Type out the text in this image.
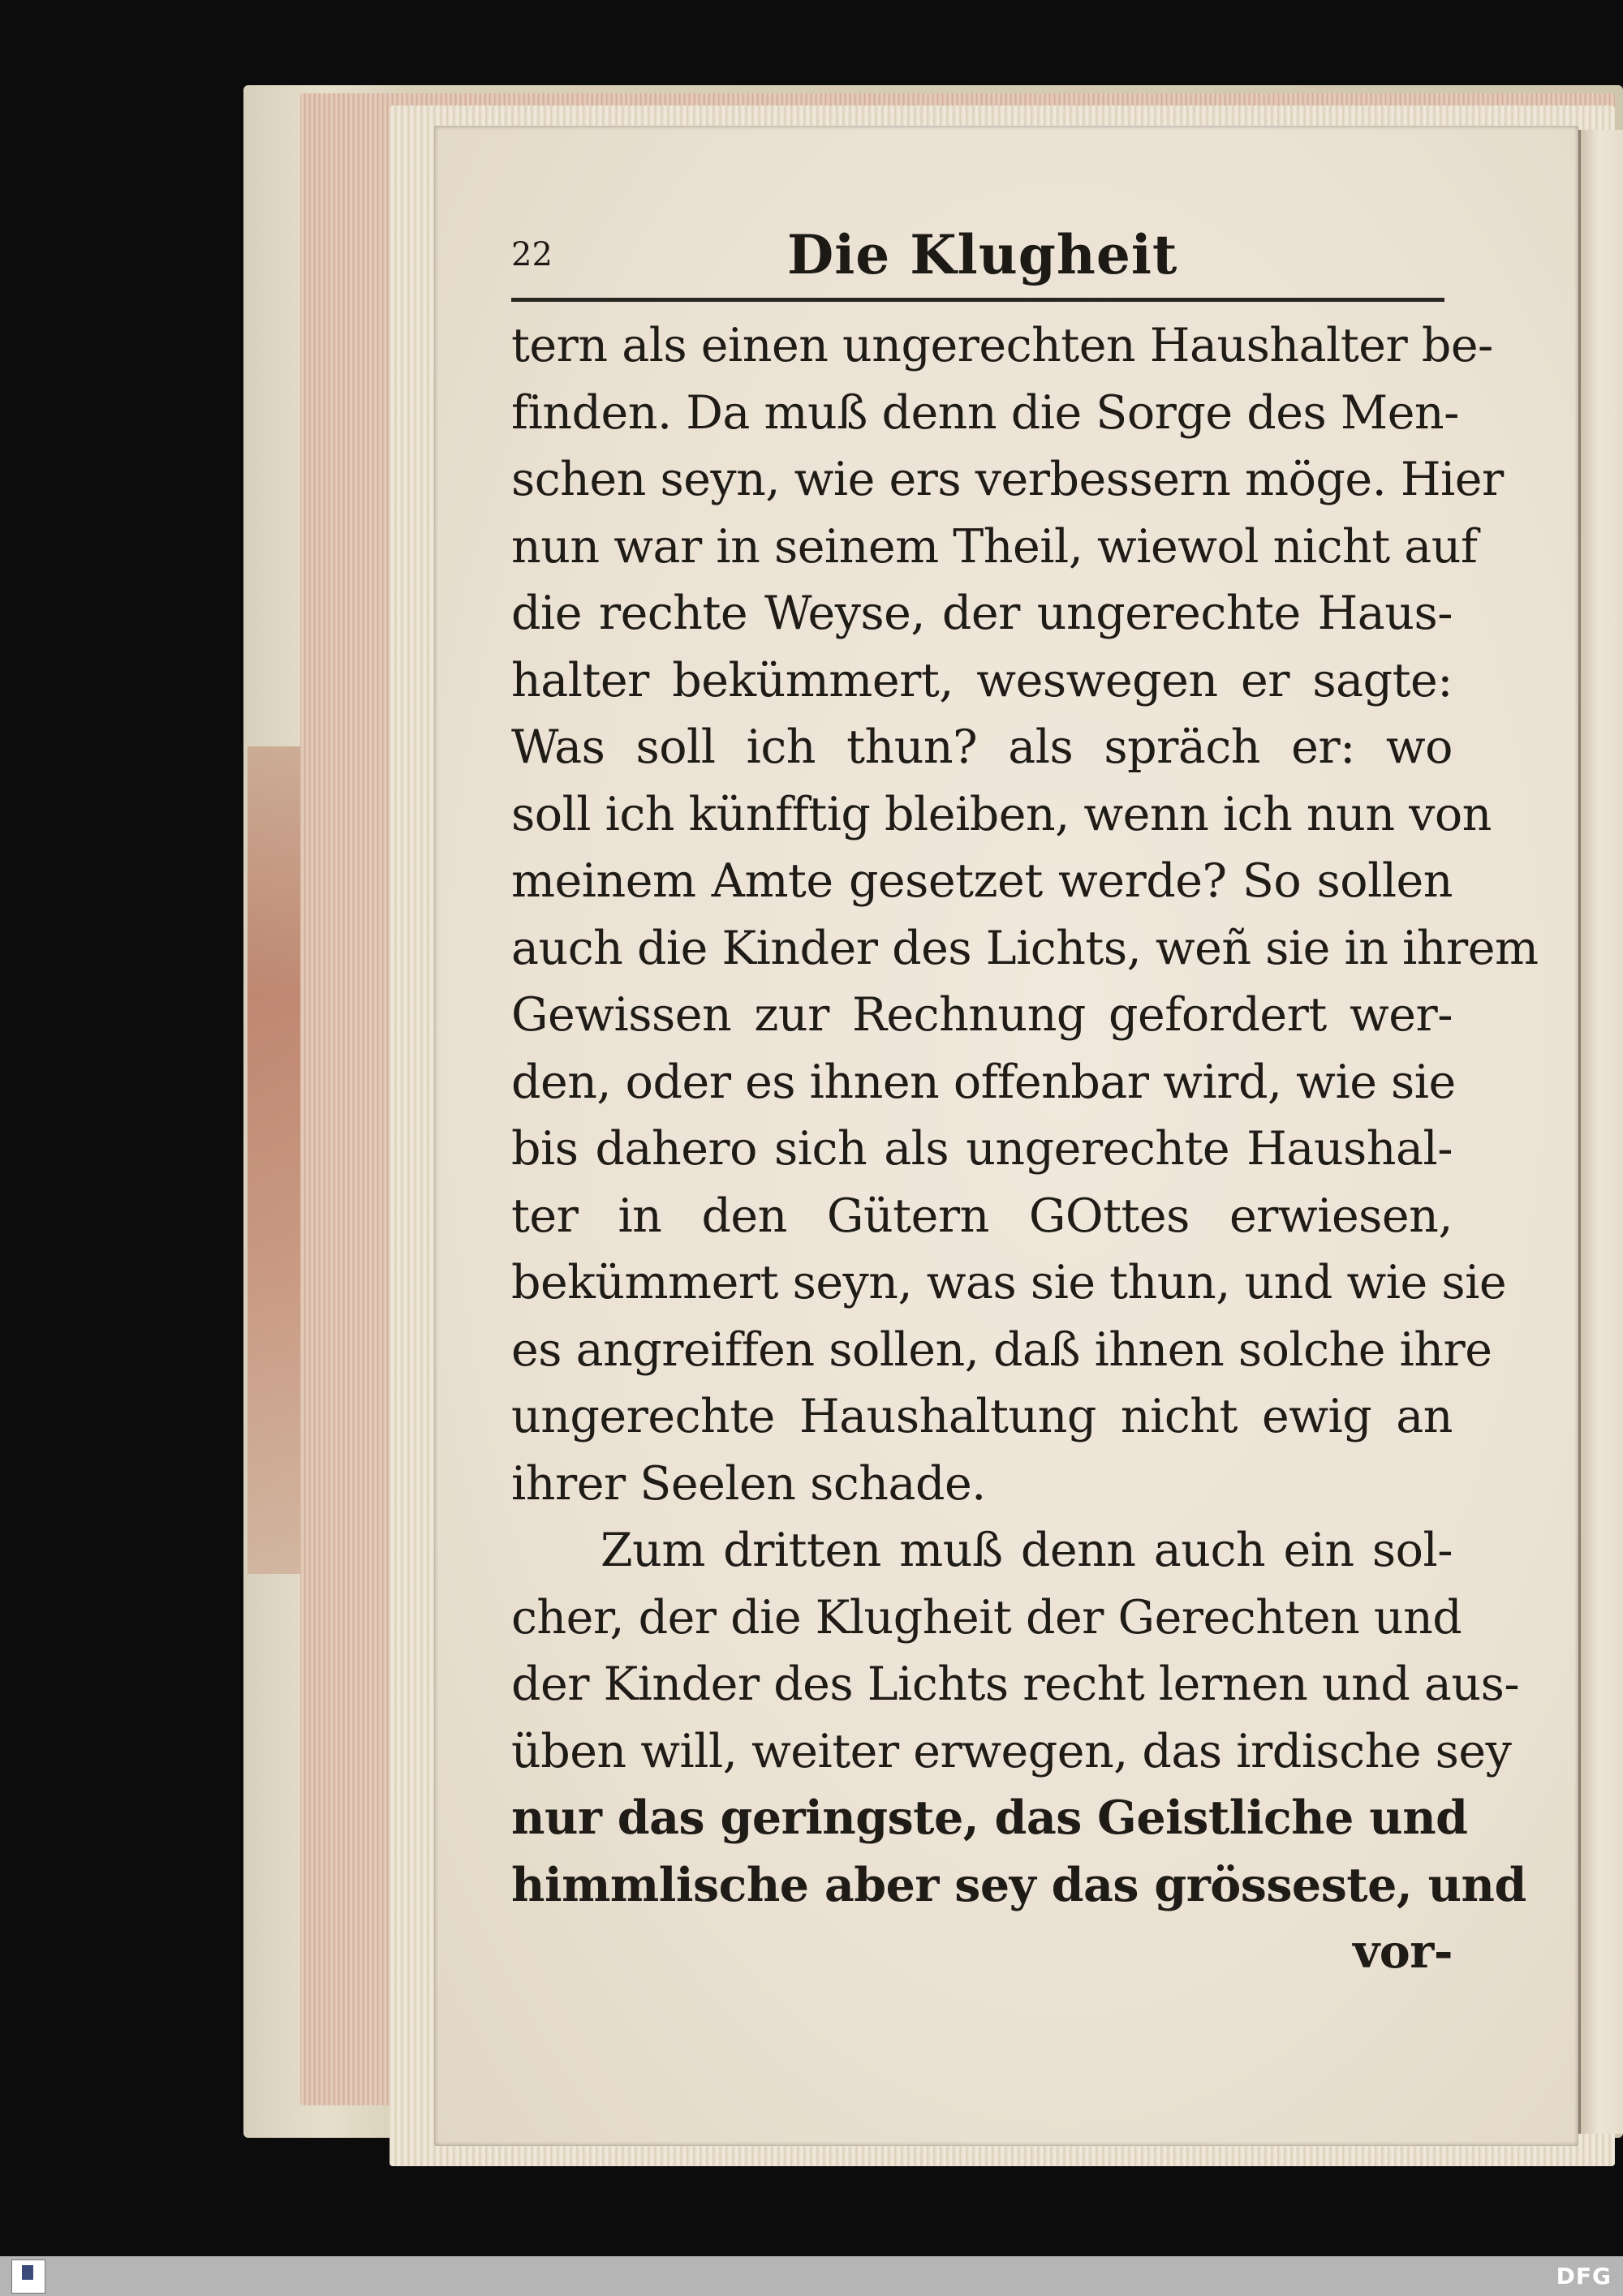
22	Die Klugheit
tern als einen ungerechten Haushalter be-
finden. Da muß denn die Sorge des Men-
schen seyn, wie ers verbessern möge. Hier
nun war in seinem Theil, wiewol nicht auf
die rechte Weyse, der ungerechte Haus-
halter bekümmert, weswegen er sagte:
Was soll ich thun? als spräch er: wo
soll ich künfftig bleiben, wenn ich nun von
meinem Amte gesetzet werde? So sollen
auch die Kinder des Lichts, weñ sie in ihrem
Gewissen zur Rechnung gefordert wer-
den, oder es ihnen offenbar wird, wie sie
bis dahero sich als ungerechte Haushal-
ter in den Gütern GOttes erwiesen,
bekümmert seyn, was sie thun, und wie sie
es angreiffen sollen, daß ihnen solche ihre
ungerechte Haushaltung nicht ewig an
ihrer Seelen schade.
Zum dritten muß denn auch ein sol-
cher, der die Klugheit der Gerechten und
der Kinder des Lichts recht lernen und aus-
üben will, weiter erwegen, das irdische sey
nur das geringste, das Geistliche und
himmlische aber sey das grösseste, und
vor-
DFG
